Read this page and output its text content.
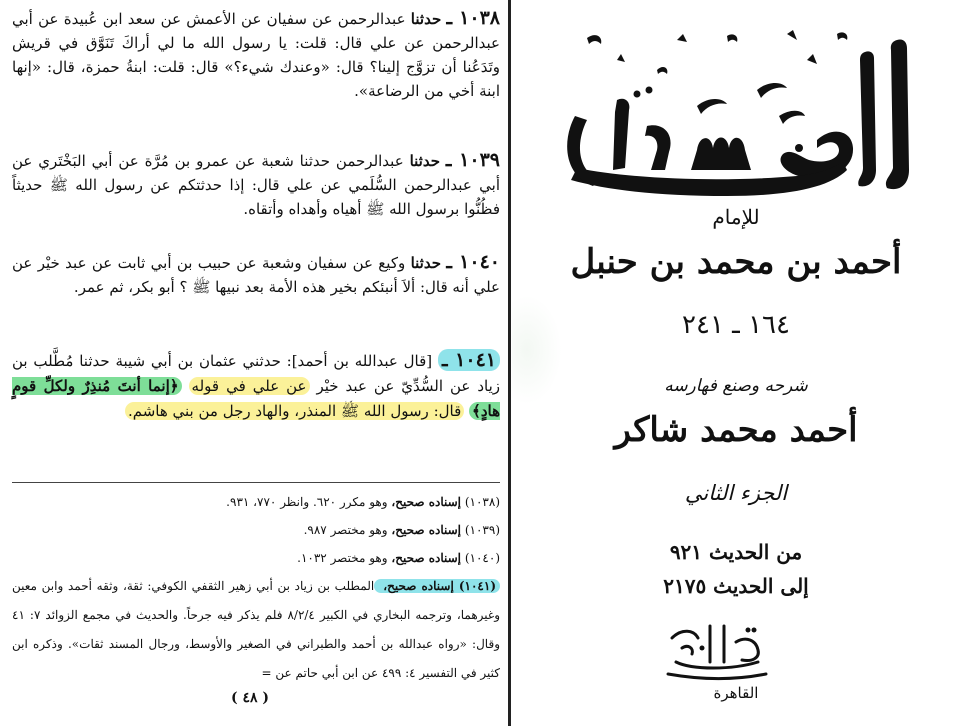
١٠٣٨ ـ حدثنا عبدالرحمن عن سفيان عن الأعمش عن سعد ابن عُبيدة عن أبي عبدالرحمن عن علي قال: قلت: يا رسول الله ما لي أراكَ تَنَوَّق في قريش وتَدَعُنا أن تزوَّج إلينا؟ قال: «وعندك شيء؟» قال: قلت: ابنةُ حمزة، قال: «إنها ابنة أخي من الرضاعة».

١٠٣٩ ـ حدثنا عبدالرحمن حدثنا شعبة عن عمرو بن مُرَّة عن أبي البَخْتَري عن أبي عبدالرحمن السُّلَمي عن علي قال: إذا حدثتكم عن رسول الله ﷺ حديثاً فظُنُّوا برسول الله ﷺ أهياه وأهداه وأتقاه.

١٠٤٠ ـ حدثنا وكيع عن سفيان وشعبة عن حبيب بن أبي ثابت عن عبد خيْر عن علي أنه قال: ألاَ أنبئكم بخير هذه الأمة بعد نبيها ﷺ ؟ أبو بكر، ثم عمر.

١٠٤١ ـ [قال عبدالله بن أحمد]: حدثني عثمان بن أبي شيبة حدثنا مُطَّلب بن زياد عن السُّدِّيّ عن عبد خيْر عن علي في قوله ﴿إنما أنتَ مُنذِرٌ ولكلِّ قومٍ هادٍ﴾ قال: رسول الله ﷺ المنذر، والهاد رجل من بني هاشم.

(١٠٣٨) إسناده صحيح، وهو مكرر ٦٢٠. وانظر ٧٧٠، ٩٣١.

(١٠٣٩) إسناده صحيح، وهو مختصر ٩٨٧.

(١٠٤٠) إسناده صحيح، وهو مختصر ١٠٣٢.

(١٠٤١) إسناده صحيح، المطلب بن زياد بن أبي زهير الثقفي الكوفي: ثقة، وثقه أحمد وابن معين وغيرهما، وترجمه البخاري في الكبير ٨/٢/٤ فلم يذكر فيه جرحاً. والحديث في مجمع الزوائد ٧: ٤١ وقال: «رواه عبدالله بن أحمد والطبراني في الصغير والأوسط، ورجال المسند ثقات». وذكره ابن كثير في التفسير ٤: ٤٩٩ عن ابن أبي حاتم عن =

( ٤٨ )
للإمام
أحمد بن محمد بن حنبل
١٦٤ ـ ٢٤١
شرحه وصنع فهارسه
أحمد محمد شاكر
الجزء الثاني
من الحديث ٩٢١
إلى الحديث ٢١٧٥
القاهرة
